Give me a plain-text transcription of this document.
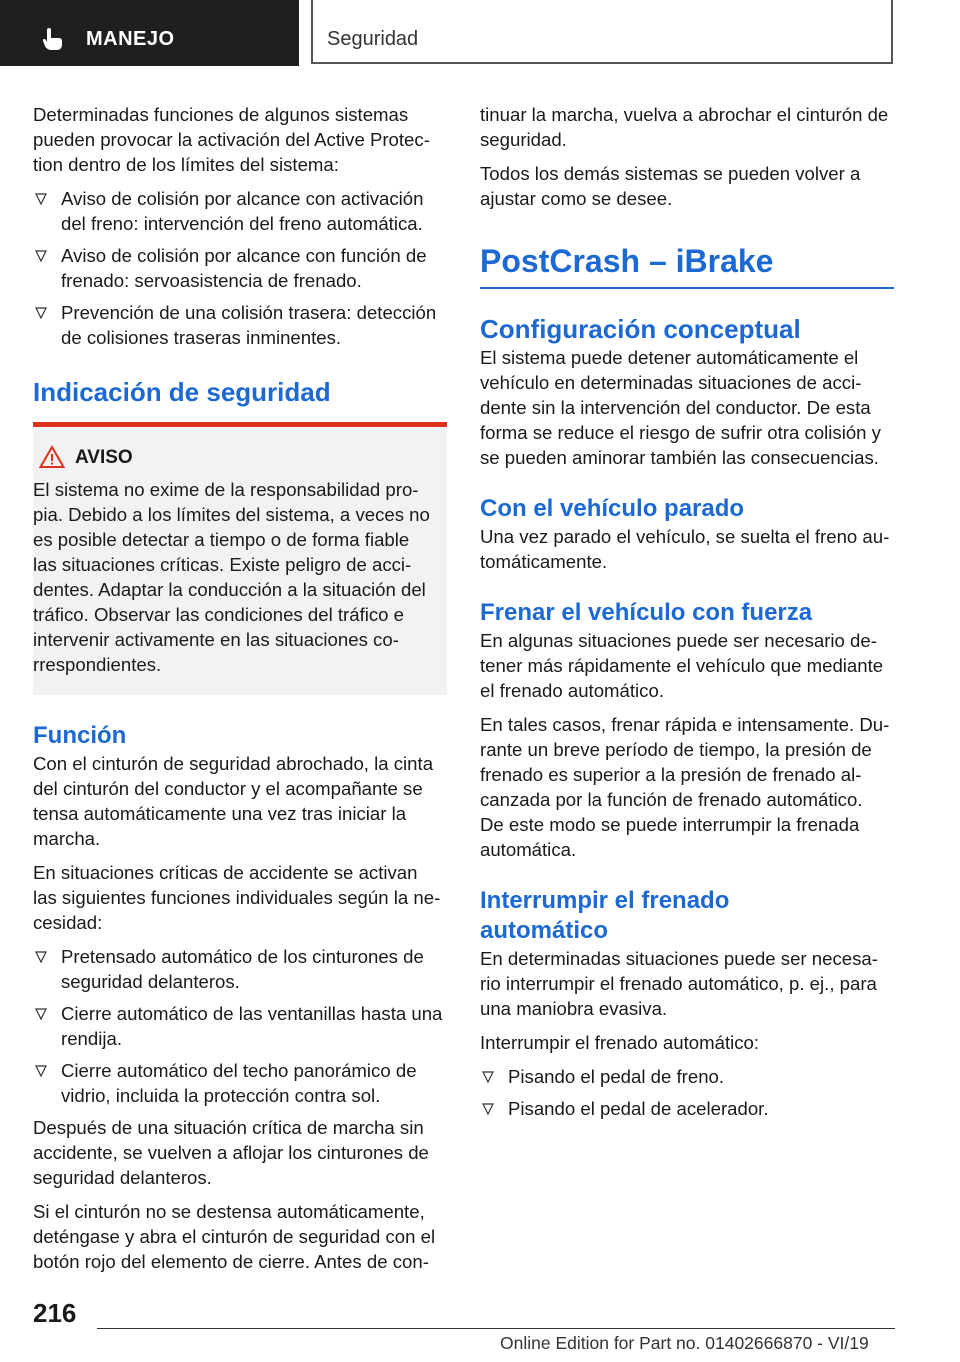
MANEJO	Seguridad

Determinadas funciones de algunos sistemas
pueden provocar la activación del Active Protec-
tion dentro de los límites del sistema:

Aviso de colisión por alcance con activación
del freno: intervención del freno automática.
Aviso de colisión por alcance con función de
frenado: servoasistencia de frenado.
Prevención de una colisión trasera: detección
de colisiones traseras inminentes.
Indicación de seguridad
AVISO

El sistema no exime de la responsabilidad pro-
pia. Debido a los límites del sistema, a veces no
es posible detectar a tiempo o de forma fiable
las situaciones críticas. Existe peligro de acci-
dentes. Adaptar la conducción a la situación del
tráfico. Observar las condiciones del tráfico e
intervenir activamente en las situaciones co-
rrespondientes.

Función

Con el cinturón de seguridad abrochado, la cinta
del cinturón del conductor y el acompañante se
tensa automáticamente una vez tras iniciar la
marcha.

En situaciones críticas de accidente se activan
las siguientes funciones individuales según la ne-
cesidad:

Pretensado automático de los cinturones de
seguridad delanteros.
Cierre automático de las ventanillas hasta una
rendija.
Cierre automático del techo panorámico de
vidrio, incluida la protección contra sol.

Después de una situación crítica de marcha sin
accidente, se vuelven a aflojar los cinturones de
seguridad delanteros.

Si el cinturón no se destensa automáticamente,
deténgase y abra el cinturón de seguridad con el
botón rojo del elemento de cierre. Antes de con-

tinuar la marcha, vuelva a abrochar el cinturón de
seguridad.

Todos los demás sistemas se pueden volver a
ajustar como se desee.

PostCrash – iBrake
Configuración conceptual

El sistema puede detener automáticamente el
vehículo en determinadas situaciones de acci-
dente sin la intervención del conductor. De esta
forma se reduce el riesgo de sufrir otra colisión y
se pueden aminorar también las consecuencias.

Con el vehículo parado

Una vez parado el vehículo, se suelta el freno au-
tomáticamente.

Frenar el vehículo con fuerza

En algunas situaciones puede ser necesario de-
tener más rápidamente el vehículo que mediante
el frenado automático.

En tales casos, frenar rápida e intensamente. Du-
rante un breve período de tiempo, la presión de
frenado es superior a la presión de frenado al-
canzada por la función de frenado automático.
De este modo se puede interrumpir la frenada
automática.

Interrumpir el frenado
automático

En determinadas situaciones puede ser necesa-
rio interrumpir el frenado automático, p. ej., para
una maniobra evasiva.

Interrumpir el frenado automático:

Pisando el pedal de freno.
Pisando el pedal de acelerador.
216
Online Edition for Part no. 01402666870 - VI/19
